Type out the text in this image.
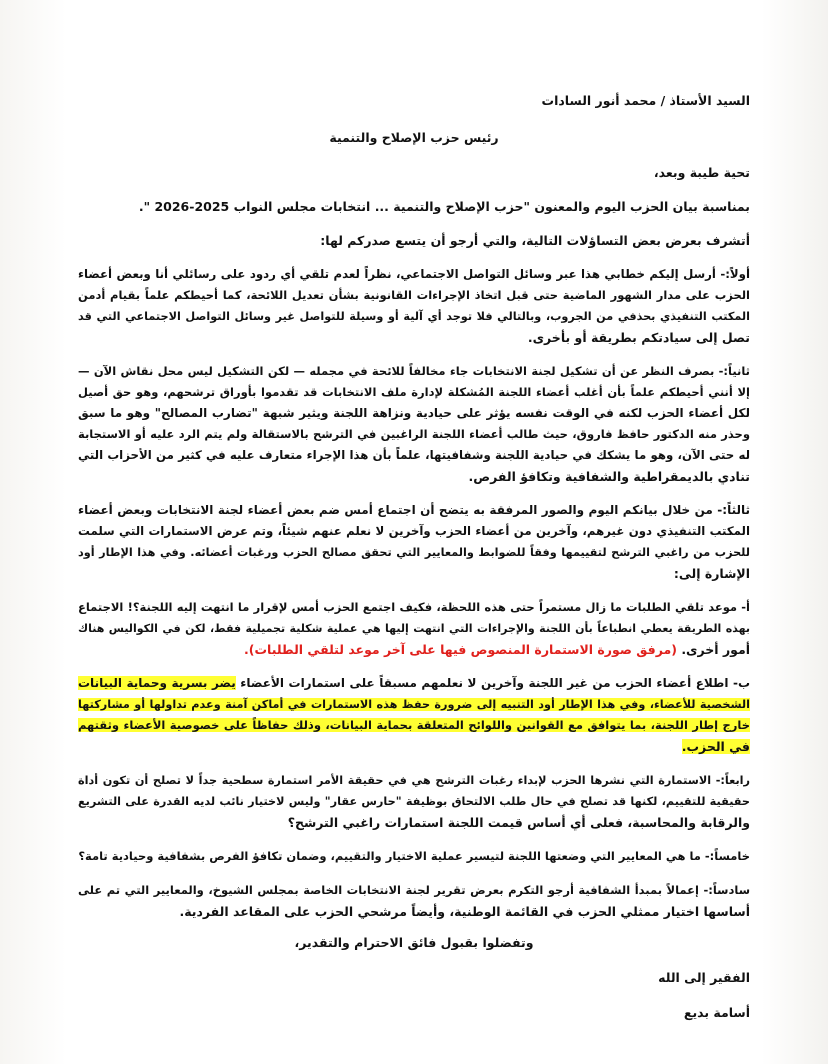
السيد الأستاذ / محمد أنور السادات

رئيس حزب الإصلاح والتنمية

تحية طيبة وبعد،

بمناسبة بيان الحزب اليوم والمعنون "حزب الإصلاح والتنمية ... انتخابات مجلس النواب 2025-2026 ".

أتشرف بعرض بعض التساؤلات التالية، والتي أرجو أن يتسع صدركم لها:

أولاً:- أرسل إليكم خطابي هذا عبر وسائل التواصل الاجتماعي، نظراً لعدم تلقي أي ردود على رسائلي أنا وبعض أعضاء

الحزب على مدار الشهور الماضية حتى قبل اتخاذ الإجراءات القانونية بشأن تعديل اللائحة، كما أحيطكم علماً بقيام أدمن

المكتب التنفيذي بحذفي من الجروب، وبالتالي فلا توجد أي آلية أو وسيلة للتواصل غير وسائل التواصل الاجتماعي التي قد

تصل إلى سيادتكم بطريقة أو بأخرى.

ثانياً:- بصرف النظر عن أن تشكيل لجنة الانتخابات جاء مخالفاً للائحة في مجمله — لكن التشكيل ليس محل نقاش الآن —

إلا أنني أحيطكم علماً بأن أغلب أعضاء اللجنة المُشكلة لإدارة ملف الانتخابات قد تقدموا بأوراق ترشحهم، وهو حق أصيل

لكل أعضاء الحزب لكنه في الوقت نفسه يؤثر على حيادية ونزاهة اللجنة ويثير شبهة "تضارب المصالح" وهو ما سبق

وحذر منه الدكتور حافظ فاروق، حيث طالب أعضاء اللجنة الراغبين في الترشح بالاستقالة ولم يتم الرد عليه أو الاستجابة

له حتى الآن، وهو ما يشكك في حيادية اللجنة وشفافيتها، علماً بأن هذا الإجراء متعارف عليه في كثير من الأحزاب التي

تنادي بالديمقراطية والشفافية وتكافؤ الفرص.

ثالثاً:- من خلال بيانكم اليوم والصور المرفقة به يتضح أن اجتماع أمس ضم بعض أعضاء لجنة الانتخابات وبعض أعضاء

المكتب التنفيذي دون غيرهم، وآخرين من أعضاء الحزب وآخرين لا نعلم عنهم شيئاً، وتم عرض الاستمارات التي سلمت

للحزب من راغبي الترشح لتقييمها وفقاً للضوابط والمعايير التي تحقق مصالح الحزب ورغبات أعضائه. وفي هذا الإطار أود

الإشارة إلى:

أ- موعد تلقي الطلبات ما زال مستمراً حتى هذه اللحظة، فكيف اجتمع الحزب أمس لإقرار ما انتهت إليه اللجنة؟! الاجتماع

بهذه الطريقة يعطي انطباعاً بأن اللجنة والإجراءات التي انتهت إليها هي عملية شكلية تجميلية فقط، لكن في الكواليس هناك

أمور أخرى. (مرفق صورة الاستمارة المنصوص فيها على آخر موعد لتلقي الطلبات).

ب- اطلاع أعضاء الحزب من غير اللجنة وآخرين لا نعلمهم مسبقاً على استمارات الأعضاء يضر بسرية وحماية البيانات

الشخصية للأعضاء، وفي هذا الإطار أود التنبيه إلى ضرورة حفظ هذه الاستمارات في أماكن آمنة وعدم تداولها أو مشاركتها

خارج إطار اللجنة، بما يتوافق مع القوانين واللوائح المتعلقة بحماية البيانات، وذلك حفاظاً على خصوصية الأعضاء وثقتهم

في الحزب.

رابعاً:- الاستمارة التي نشرها الحزب لإبداء رغبات الترشح هي في حقيقة الأمر استمارة سطحية جداً لا تصلح أن تكون أداة

حقيقية للتقييم، لكنها قد تصلح في حال طلب الالتحاق بوظيفة "حارس عقار" وليس لاختيار نائب لديه القدرة على التشريع

والرقابة والمحاسبة، فعلى أي أساس قيمت اللجنة استمارات راغبي الترشح؟

خامساً:- ما هي المعايير التي وضعتها اللجنة لتيسير عملية الاختيار والتقييم، وضمان تكافؤ الفرص بشفافية وحيادية تامة؟

سادساً:- إعمالاً بمبدأ الشفافية أرجو التكرم بعرض تقرير لجنة الانتخابات الخاصة بمجلس الشيوخ، والمعايير التي تم على

أساسها اختيار ممثلي الحزب في القائمة الوطنية، وأيضاً مرشحي الحزب على المقاعد الفردية.

وتفضلوا بقبول فائق الاحترام والتقدير،

الفقير إلى الله

أسامة بديع
